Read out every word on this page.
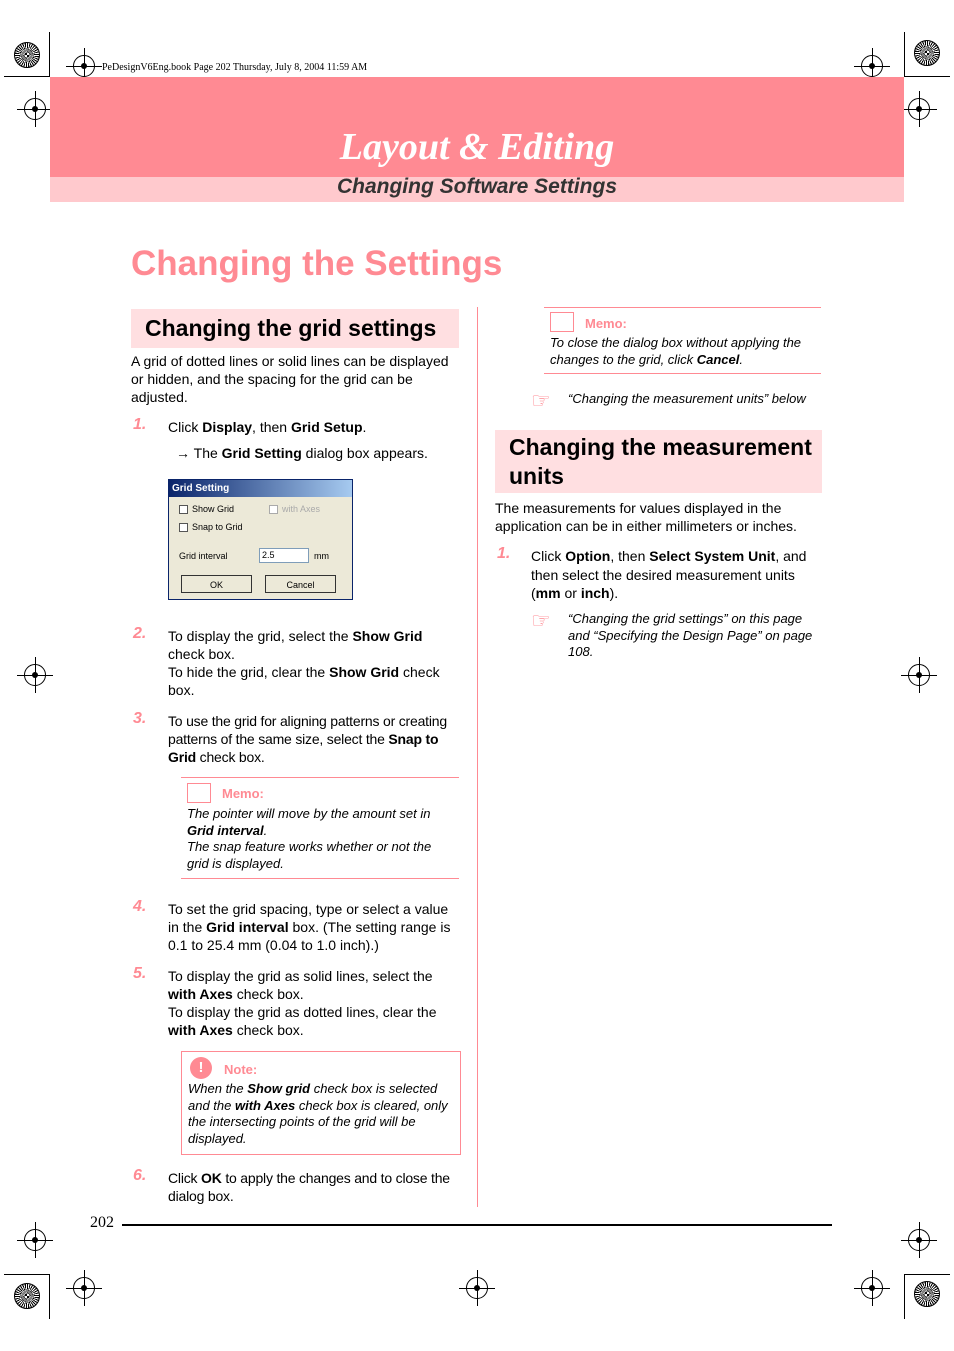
PeDesignV6Eng.book Page 202 Thursday, July 8, 2004 11:59 AM
Layout & Editing
Changing Software Settings
Changing the Settings
Changing the grid settings
A grid of dotted lines or solid lines can be displayed or hidden, and the spacing for the grid can be adjusted.
1. Click Display, then Grid Setup.
→ The Grid Setting dialog box appears.
Grid Setting
Show Grid	with Axes
Snap to Grid
Grid interval	2.5	mm
OK	Cancel
2. To display the grid, select the Show Grid check box.
To hide the grid, clear the Show Grid check box.
3. To use the grid for aligning patterns or creating patterns of the same size, select the Snap to Grid check box.
Memo:
The pointer will move by the amount set in Grid interval.
The snap feature works whether or not the grid is displayed.
4. To set the grid spacing, type or select a value in the Grid interval box. (The setting range is 0.1 to 25.4 mm (0.04 to 1.0 inch).)
5. To display the grid as solid lines, select the with Axes check box.
To display the grid as dotted lines, clear the with Axes check box.
!	Note:
When the Show grid check box is selected and the with Axes check box is cleared, only the intersecting points of the grid will be displayed.
6. Click OK to apply the changes and to close the dialog box.
Memo:
To close the dialog box without applying the changes to the grid, click Cancel.
☞ “Changing the measurement units” below
Changing the measurement units
The measurements for values displayed in the application can be in either millimeters or inches.
1. Click Option, then Select System Unit, and then select the desired measurement units (mm or inch).
☞ “Changing the grid settings” on this page and “Specifying the Design Page” on page 108.
202
